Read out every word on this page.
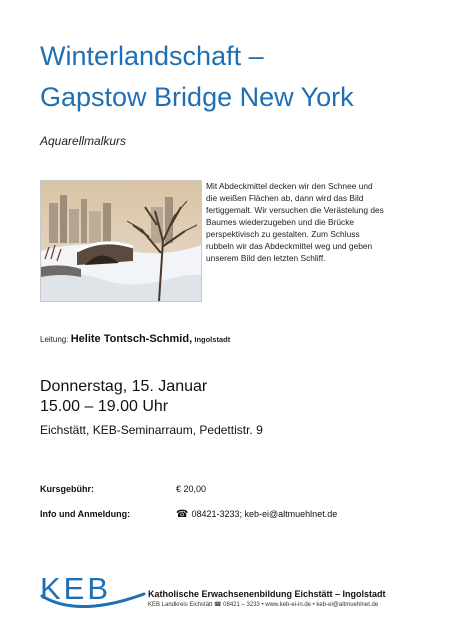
Winterlandschaft –
Gapstow Bridge New York
Aquarellmalkurs
Mit Abdeckmittel decken wir den Schnee und die weißen Flächen ab, dann wird das Bild fertiggemalt. Wir versuchen die Verästelung des Baumes wiederzugeben und die Brücke perspektivisch zu gestalten. Zum Schluss rubbeln wir das Abdeckmittel weg und geben unserem Bild den letzten Schliff.
Leitung: Helite Tontsch-Schmid, Ingolstadt
Donnerstag, 15. Januar
15.00 – 19.00 Uhr
Eichstätt, KEB-Seminarraum, Pedettistr. 9
Kursgebühr:	€ 20,00
Info und Anmeldung:	☎ 08421-3233; keb-ei@altmuehlnet.de
KEB	Katholische Erwachsenenbildung Eichstätt – Ingolstadt
KEB Landkreis Eichstätt ☎ 08421 – 3233 • www.keb-ei-in.de • keb-ei@altmuehlnet.de
